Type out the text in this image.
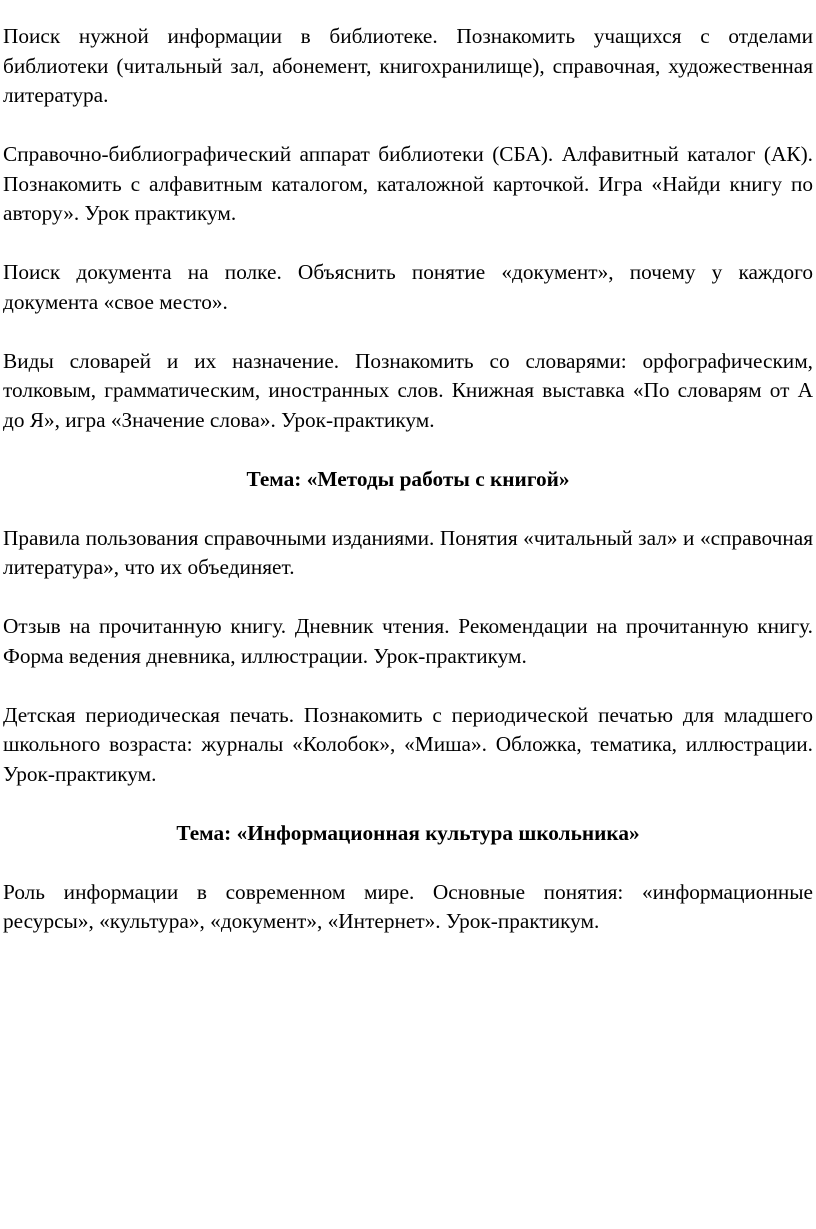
Поиск нужной информации в библиотеке. Познакомить учащихся с отделами библиотеки (читальный зал, абонемент, книгохранилище), справочная, художественная литература.

Справочно-библиографический аппарат библиотеки (СБА). Алфавитный каталог (АК). Познакомить с алфавитным каталогом, каталожной карточкой. Игра «Найди книгу по автору». Урок практикум.

Поиск документа на полке. Объяснить понятие «документ», почему у каждого документа «свое место».

Виды словарей и их назначение. Познакомить со словарями: орфографическим, толковым, грамматическим, иностранных слов. Книжная выставка «По словарям от А до Я», игра «Значение слова». Урок-практикум.

Тема: «Методы работы с книгой»

Правила пользования справочными изданиями. Понятия «читальный зал» и «справочная литература», что их объединяет.

Отзыв на прочитанную книгу. Дневник чтения. Рекомендации на прочитанную книгу. Форма ведения дневника, иллюстрации. Урок-практикум.

Детская периодическая печать. Познакомить с периодической печатью для младшего школьного возраста: журналы «Колобок», «Миша». Обложка, тематика, иллюстрации. Урок-практикум.

Тема: «Информационная культура школьника»

Роль информации в современном мире. Основные понятия: «информационные ресурсы», «культура», «документ», «Интернет». Урок-практикум.
